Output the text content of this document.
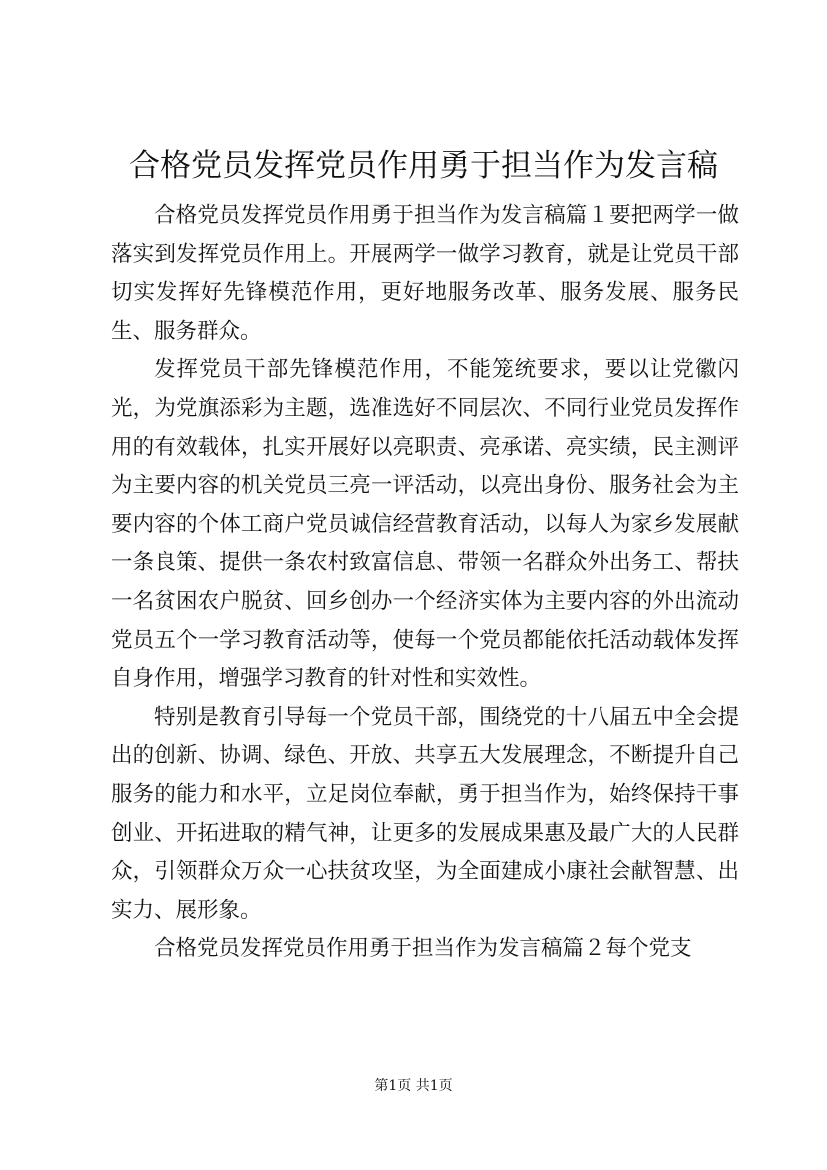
合格党员发挥党员作用勇于担当作为发言稿

合格党员发挥党员作用勇于担当作为发言稿篇１要把两学一做落实到发挥党员作用上。开展两学一做学习教育，就是让党员干部切实发挥好先锋模范作用，更好地服务改革、服务发展、服务民生、服务群众。

发挥党员干部先锋模范作用，不能笼统要求，要以让党徽闪光，为党旗添彩为主题，选准选好不同层次、不同行业党员发挥作用的有效载体，扎实开展好以亮职责、亮承诺、亮实绩，民主测评为主要内容的机关党员三亮一评活动，以亮出身份、服务社会为主要内容的个体工商户党员诚信经营教育活动，以每人为家乡发展献一条良策、提供一条农村致富信息、带领一名群众外出务工、帮扶一名贫困农户脱贫、回乡创办一个经济实体为主要内容的外出流动党员五个一学习教育活动等，使每一个党员都能依托活动载体发挥自身作用，增强学习教育的针对性和实效性。

特别是教育引导每一个党员干部，围绕党的十八届五中全会提出的创新、协调、绿色、开放、共享五大发展理念，不断提升自己服务的能力和水平，立足岗位奉献，勇于担当作为，始终保持干事创业、开拓进取的精气神，让更多的发展成果惠及最广大的人民群众，引领群众万众一心扶贫攻坚，为全面建成小康社会献智慧、出实力、展形象。

合格党员发挥党员作用勇于担当作为发言稿篇２每个党支

第1页 共1页
